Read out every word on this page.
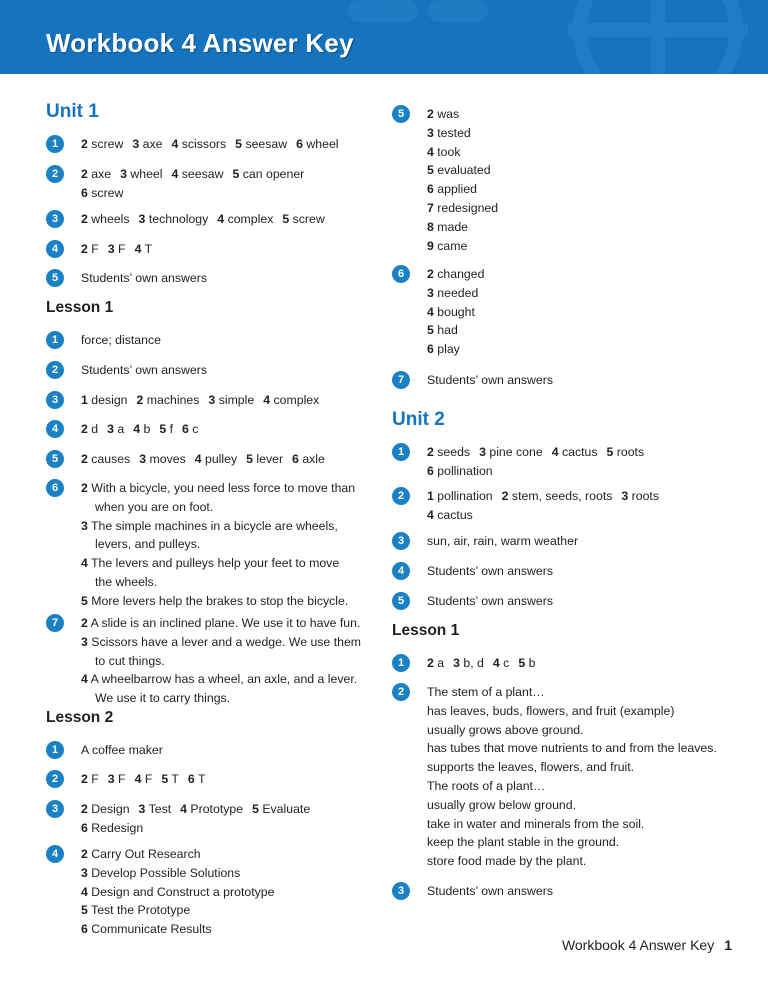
Workbook 4 Answer Key
Unit 1
1	2 screw 3 axe 4 scissors 5 seesaw 6 wheel
2	2 axe 3 wheel 4 seesaw 5 can opener
6 screw
3	2 wheels 3 technology 4 complex 5 screw
4	2 F 3 F 4 T
5	Students’ own answers
Lesson 1
1	force; distance
2	Students’ own answers
3	1 design 2 machines 3 simple 4 complex
4	2 d 3 a 4 b 5 f 6 c
5	2 causes 3 moves 4 pulley 5 lever 6 axle
6	2 With a bicycle, you need less force to move than
when you are on foot.
3 The simple machines in a bicycle are wheels,
levers, and pulleys.
4 The levers and pulleys help your feet to move
the wheels.
5 More levers help the brakes to stop the bicycle.
7	2 A slide is an inclined plane. We use it to have fun.
3 Scissors have a lever and a wedge. We use them
to cut things.
4 A wheelbarrow has a wheel, an axle, and a lever.
We use it to carry things.
Lesson 2
1	A coffee maker
2	2 F 3 F 4 F 5 T 6 T
3	2 Design 3 Test 4 Prototype 5 Evaluate
6 Redesign
4	2 Carry Out Research
3 Develop Possible Solutions
4 Design and Construct a prototype
5 Test the Prototype
6 Communicate Results
5	2 was
3 tested
4 took
5 evaluated
6 applied
7 redesigned
8 made
9 came
6	2 changed
3 needed
4 bought
5 had
6 play
7	Students’ own answers
Unit 2
1	2 seeds 3 pine cone 4 cactus 5 roots
6 pollination
2	1 pollination 2 stem, seeds, roots 3 roots
4 cactus
3	sun, air, rain, warm weather
4	Students’ own answers
5	Students’ own answers
Lesson 1
1	2 a 3 b, d 4 c 5 b
2	The stem of a plant…
has leaves, buds, flowers, and fruit (example)
usually grows above ground.
has tubes that move nutrients to and from the leaves.
supports the leaves, flowers, and fruit.
The roots of a plant…
usually grow below ground.
take in water and minerals from the soil.
keep the plant stable in the ground.
store food made by the plant.
3	Students’ own answers
Workbook 4 Answer Key 1
